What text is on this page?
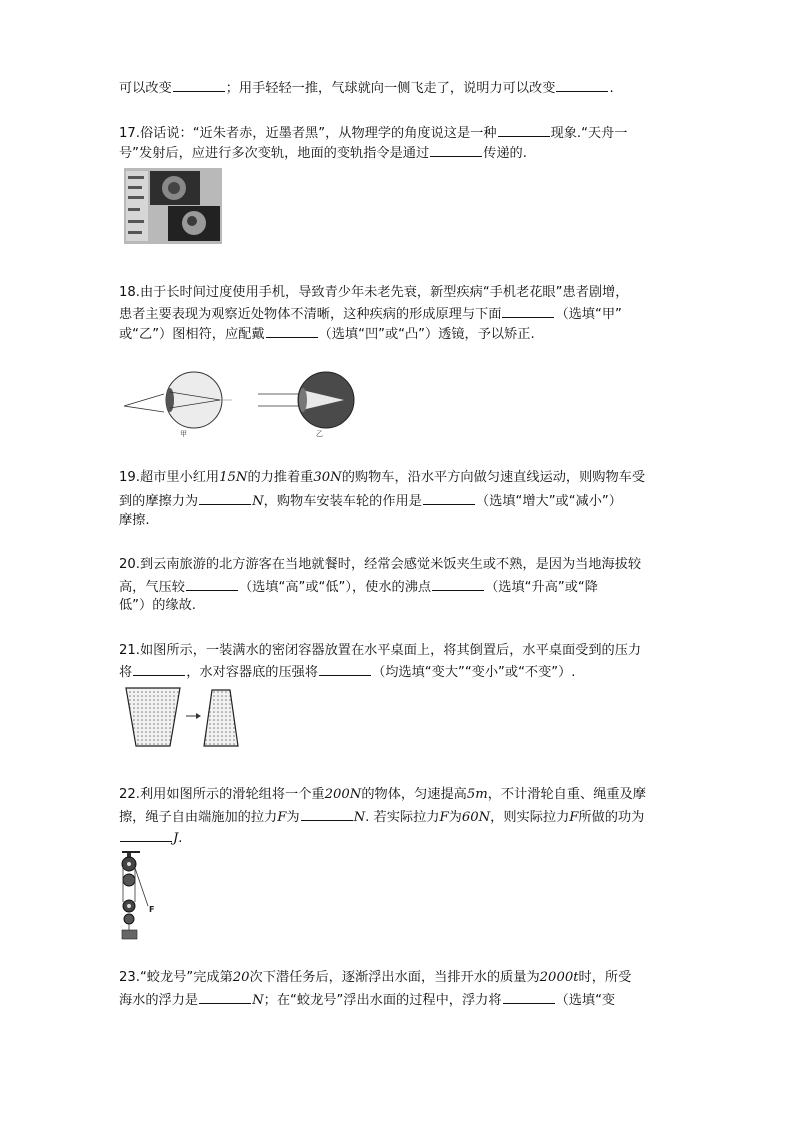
可以改变	；用手轻轻一推，气球就向一侧飞走了，说明力可以改变	.
17.俗话说：“近朱者赤，近墨者黑”，从物理学的角度说这是一种	现象.“天舟一
号”发射后，应进行多次变轨，地面的变轨指令是通过	传递的.
18.由于长时间过度使用手机，导致青少年未老先衰，新型疾病“手机老花眼”患者剧增，
患者主要表现为观察近处物体不清晰，这种疾病的形成原理与下面	（选填“甲”
或“乙”）图相符，应配戴	（选填“凹”或“凸”）透镜，予以矫正.
甲	乙
19.超市里小红用15N的力推着重30N的购物车，沿水平方向做匀速直线运动，则购物车受
到的摩擦力为	N，购物车安装车轮的作用是	（选填“增大”或“减小”）
摩擦.
20.到云南旅游的北方游客在当地就餐时，经常会感觉米饭夹生或不熟，是因为当地海拔较
高，气压较	（选填“高”或“低”），使水的沸点	（选填“升高”或“降
低”）的缘故.
21.如图所示，一装满水的密闭容器放置在水平桌面上，将其倒置后，水平桌面受到的压力
将	，水对容器底的压强将	（均选填“变大”“变小”或“不变”）.
22.利用如图所示的滑轮组将一个重200N的物体，匀速提高5m，不计滑轮自重、绳重及摩
擦，绳子自由端施加的拉力F为	N. 若实际拉力F为60N，则实际拉力F所做的功为
J.
F
23.“蛟龙号”完成第20次下潜任务后，逐渐浮出水面，当排开水的质量为2000t时，所受
海水的浮力是	N；在“蛟龙号”浮出水面的过程中，浮力将	（选填“变
